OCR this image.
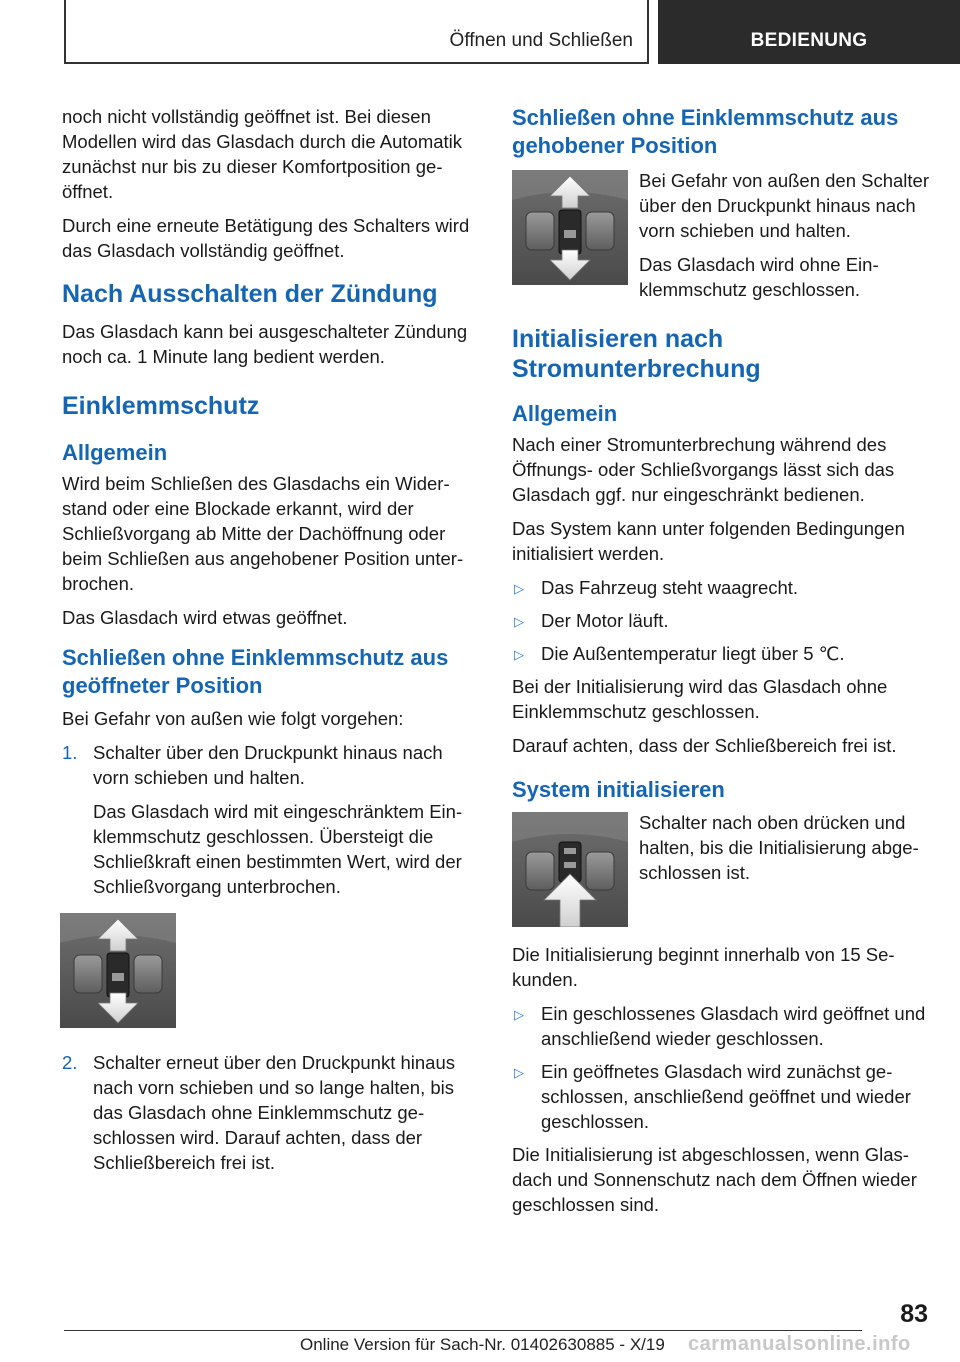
Öffnen und Schließen	BEDIENUNG

noch nicht vollständig geöffnet ist. Bei diesen Modellen wird das Glasdach durch die Automatik zunächst nur bis zu dieser Komfortposition geöffnet.

Durch eine erneute Betätigung des Schalters wird das Glasdach vollständig geöffnet.

Nach Ausschalten der Zündung

Das Glasdach kann bei ausgeschalteter Zündung noch ca. 1 Minute lang bedient werden.

Einklemmschutz
Allgemein

Wird beim Schließen des Glasdachs ein Widerstand oder eine Blockade erkannt, wird der Schließvorgang ab Mitte der Dachöffnung oder beim Schließen aus angehobener Position unterbrochen.

Das Glasdach wird etwas geöffnet.

Schließen ohne Einklemmschutz aus geöffneter Position

Bei Gefahr von außen wie folgt vorgehen:

1. Schalter über den Druckpunkt hinaus nach vorn schieben und halten.

Das Glasdach wird mit eingeschränktem Einklemmschutz geschlossen. Übersteigt die Schließkraft einen bestimmten Wert, wird der Schließvorgang unterbrochen.

2. Schalter erneut über den Druckpunkt hinaus nach vorn schieben und so lange halten, bis das Glasdach ohne Einklemmschutz geschlossen wird. Darauf achten, dass der Schließbereich frei ist.

Schließen ohne Einklemmschutz aus gehobener Position

Bei Gefahr von außen den Schalter über den Druckpunkt hinaus nach vorn schieben und halten.

Das Glasdach wird ohne Einklemmschutz geschlossen.

Initialisieren nach Stromunterbrechung
Allgemein

Nach einer Stromunterbrechung während des Öffnungs- oder Schließvorgangs lässt sich das Glasdach ggf. nur eingeschränkt bedienen.

Das System kann unter folgenden Bedingungen initialisiert werden.

▷ Das Fahrzeug steht waagrecht.

▷ Der Motor läuft.

▷ Die Außentemperatur liegt über 5 ℃.

Bei der Initialisierung wird das Glasdach ohne Einklemmschutz geschlossen.

Darauf achten, dass der Schließbereich frei ist.

System initialisieren

Schalter nach oben drücken und halten, bis die Initialisierung abgeschlossen ist.

Die Initialisierung beginnt innerhalb von 15 Sekunden.

▷ Ein geschlossenes Glasdach wird geöffnet und anschließend wieder geschlossen.

▷ Ein geöffnetes Glasdach wird zunächst geschlossen, anschließend geöffnet und wieder geschlossen.

Die Initialisierung ist abgeschlossen, wenn Glasdach und Sonnenschutz nach dem Öffnen wieder geschlossen sind.

83
Online Version für Sach-Nr. 01402630885 - X/19 carmanualsonline.info
